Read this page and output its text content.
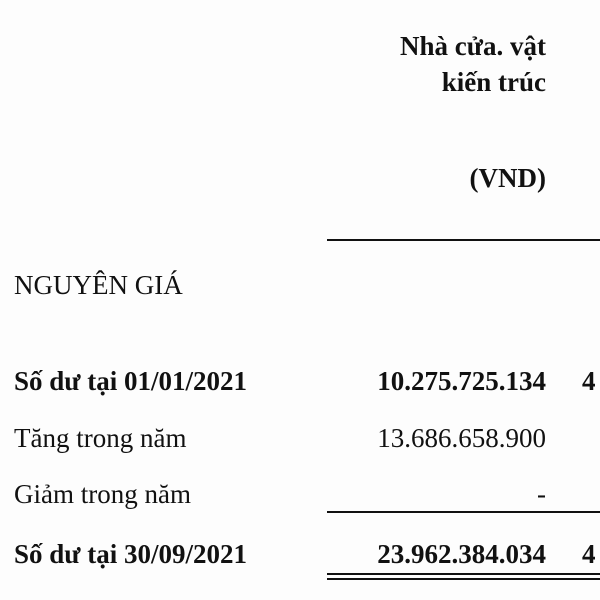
Nhà cửa. vật
kiến trúc
(VND)
NGUYÊN GIÁ
Số dư tại 01/01/2021	10.275.725.134 4
Tăng trong năm	13.686.658.900
Giảm trong năm	-
Số dư tại 30/09/2021	23.962.384.034 4
